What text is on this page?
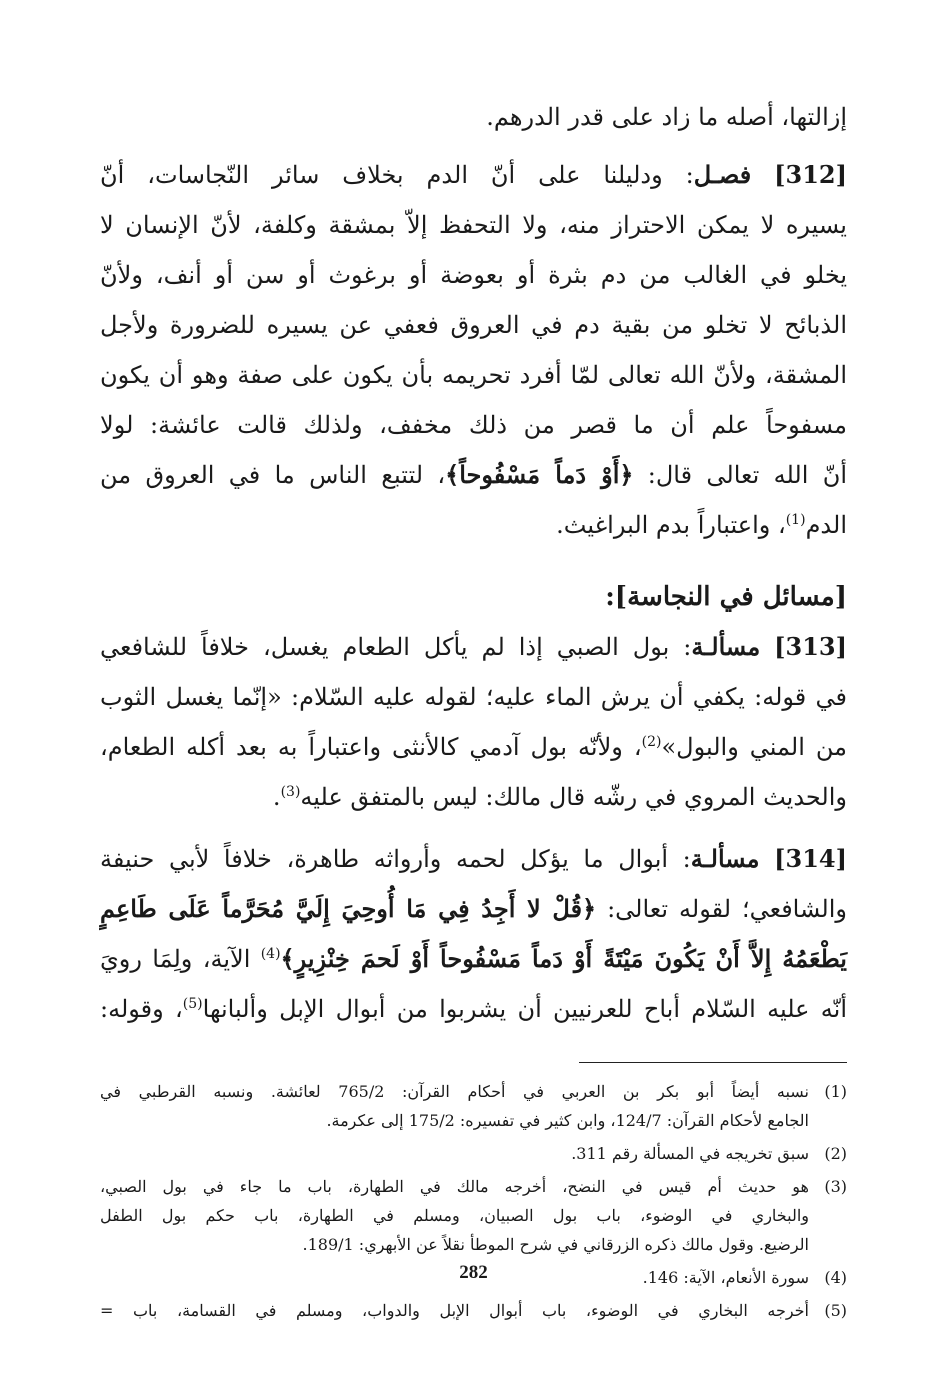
إزالتها، أصله ما زاد على قدر الدرهم.
[312] فصـل: ودليلنا على أنّ الدم بخلاف سائر النّجاسات، أنّ
يسيره لا يمكن الاحتراز منه، ولا التحفظ إلاّ بمشقة وكلفة، لأنّ الإنسان لا
يخلو في الغالب من دم بثرة أو بعوضة أو برغوث أو سن أو أنف، ولأنّ
الذبائح لا تخلو من بقية دم في العروق فعفي عن يسيره للضرورة ولأجل
المشقة، ولأنّ الله تعالى لمّا أفرد تحريمه بأن يكون على صفة وهو أن يكون
مسفوحاً علم أن ما قصر من ذلك مخفف، ولذلك قالت عائشة: لولا
أنّ الله تعالى قال: ﴿أَوْ دَماً مَسْفُوحاً﴾، لتتبع الناس ما في العروق من
الدم$^{(1)}$، واعتباراً بدم البراغيث.
[مسائل في النجاسة]:
[313] مسألـة: بول الصبي إذا لم يأكل الطعام يغسل، خلافاً للشافعي
في قوله: يكفي أن يرش الماء عليه؛ لقوله عليه السّلام: «إنّما يغسل الثوب
من المني والبول»$^{(2)}$، ولأنّه بول آدمي كالأنثى واعتباراً به بعد أكله الطعام،
والحديث المروي في رشّه قال مالك: ليس بالمتفق عليه$^{(3)}$.
[314] مسألـة: أبوال ما يؤكل لحمه وأرواثه طاهرة، خلافاً لأبي حنيفة
والشافعي؛ لقوله تعالى: ﴿قُلْ لا أَجِدُ فِي مَا أُوحِيَ إِلَيَّ مُحَرَّماً عَلَى طَاعِمٍ
يَطْعَمُهُ إِلاَّ أَنْ يَكُونَ مَيْتَةً أَوْ دَماً مَسْفُوحاً أَوْ لَحمَ خِنْزِيرٍ﴾$^{(4)}$ الآية، ولِمَا رويَ
أنّه عليه السّلام أباح للعرنيين أن يشربوا من أبوال الإبل وألبانها$^{(5)}$، وقوله:
(1)
نسبه أيضاً أبو بكر بن العربي في أحكام القرآن: 765/2 لعائشة. ونسبه القرطبي في
الجامع لأحكام القرآن: 124/7، وابن كثير في تفسيره: 175/2 إلى عكرمة.
(2)
سبق تخريجه في المسألة رقم 311.
(3)
هو حديث أم قيس في النضح، أخرجه مالك في الطهارة، باب ما جاء في بول الصبي،
والبخاري في الوضوء، باب بول الصبيان، ومسلم في الطهارة، باب حكم بول الطفل
الرضيع. وقول مالك ذكره الزرقاني في شرح الموطأ نقلاً عن الأبهري: 189/1.
(4)
سورة الأنعام، الآية: 146.
(5)
أخرجه البخاري في الوضوء، باب أبوال الإبل والدواب، ومسلم في القسامة، باب =
282
